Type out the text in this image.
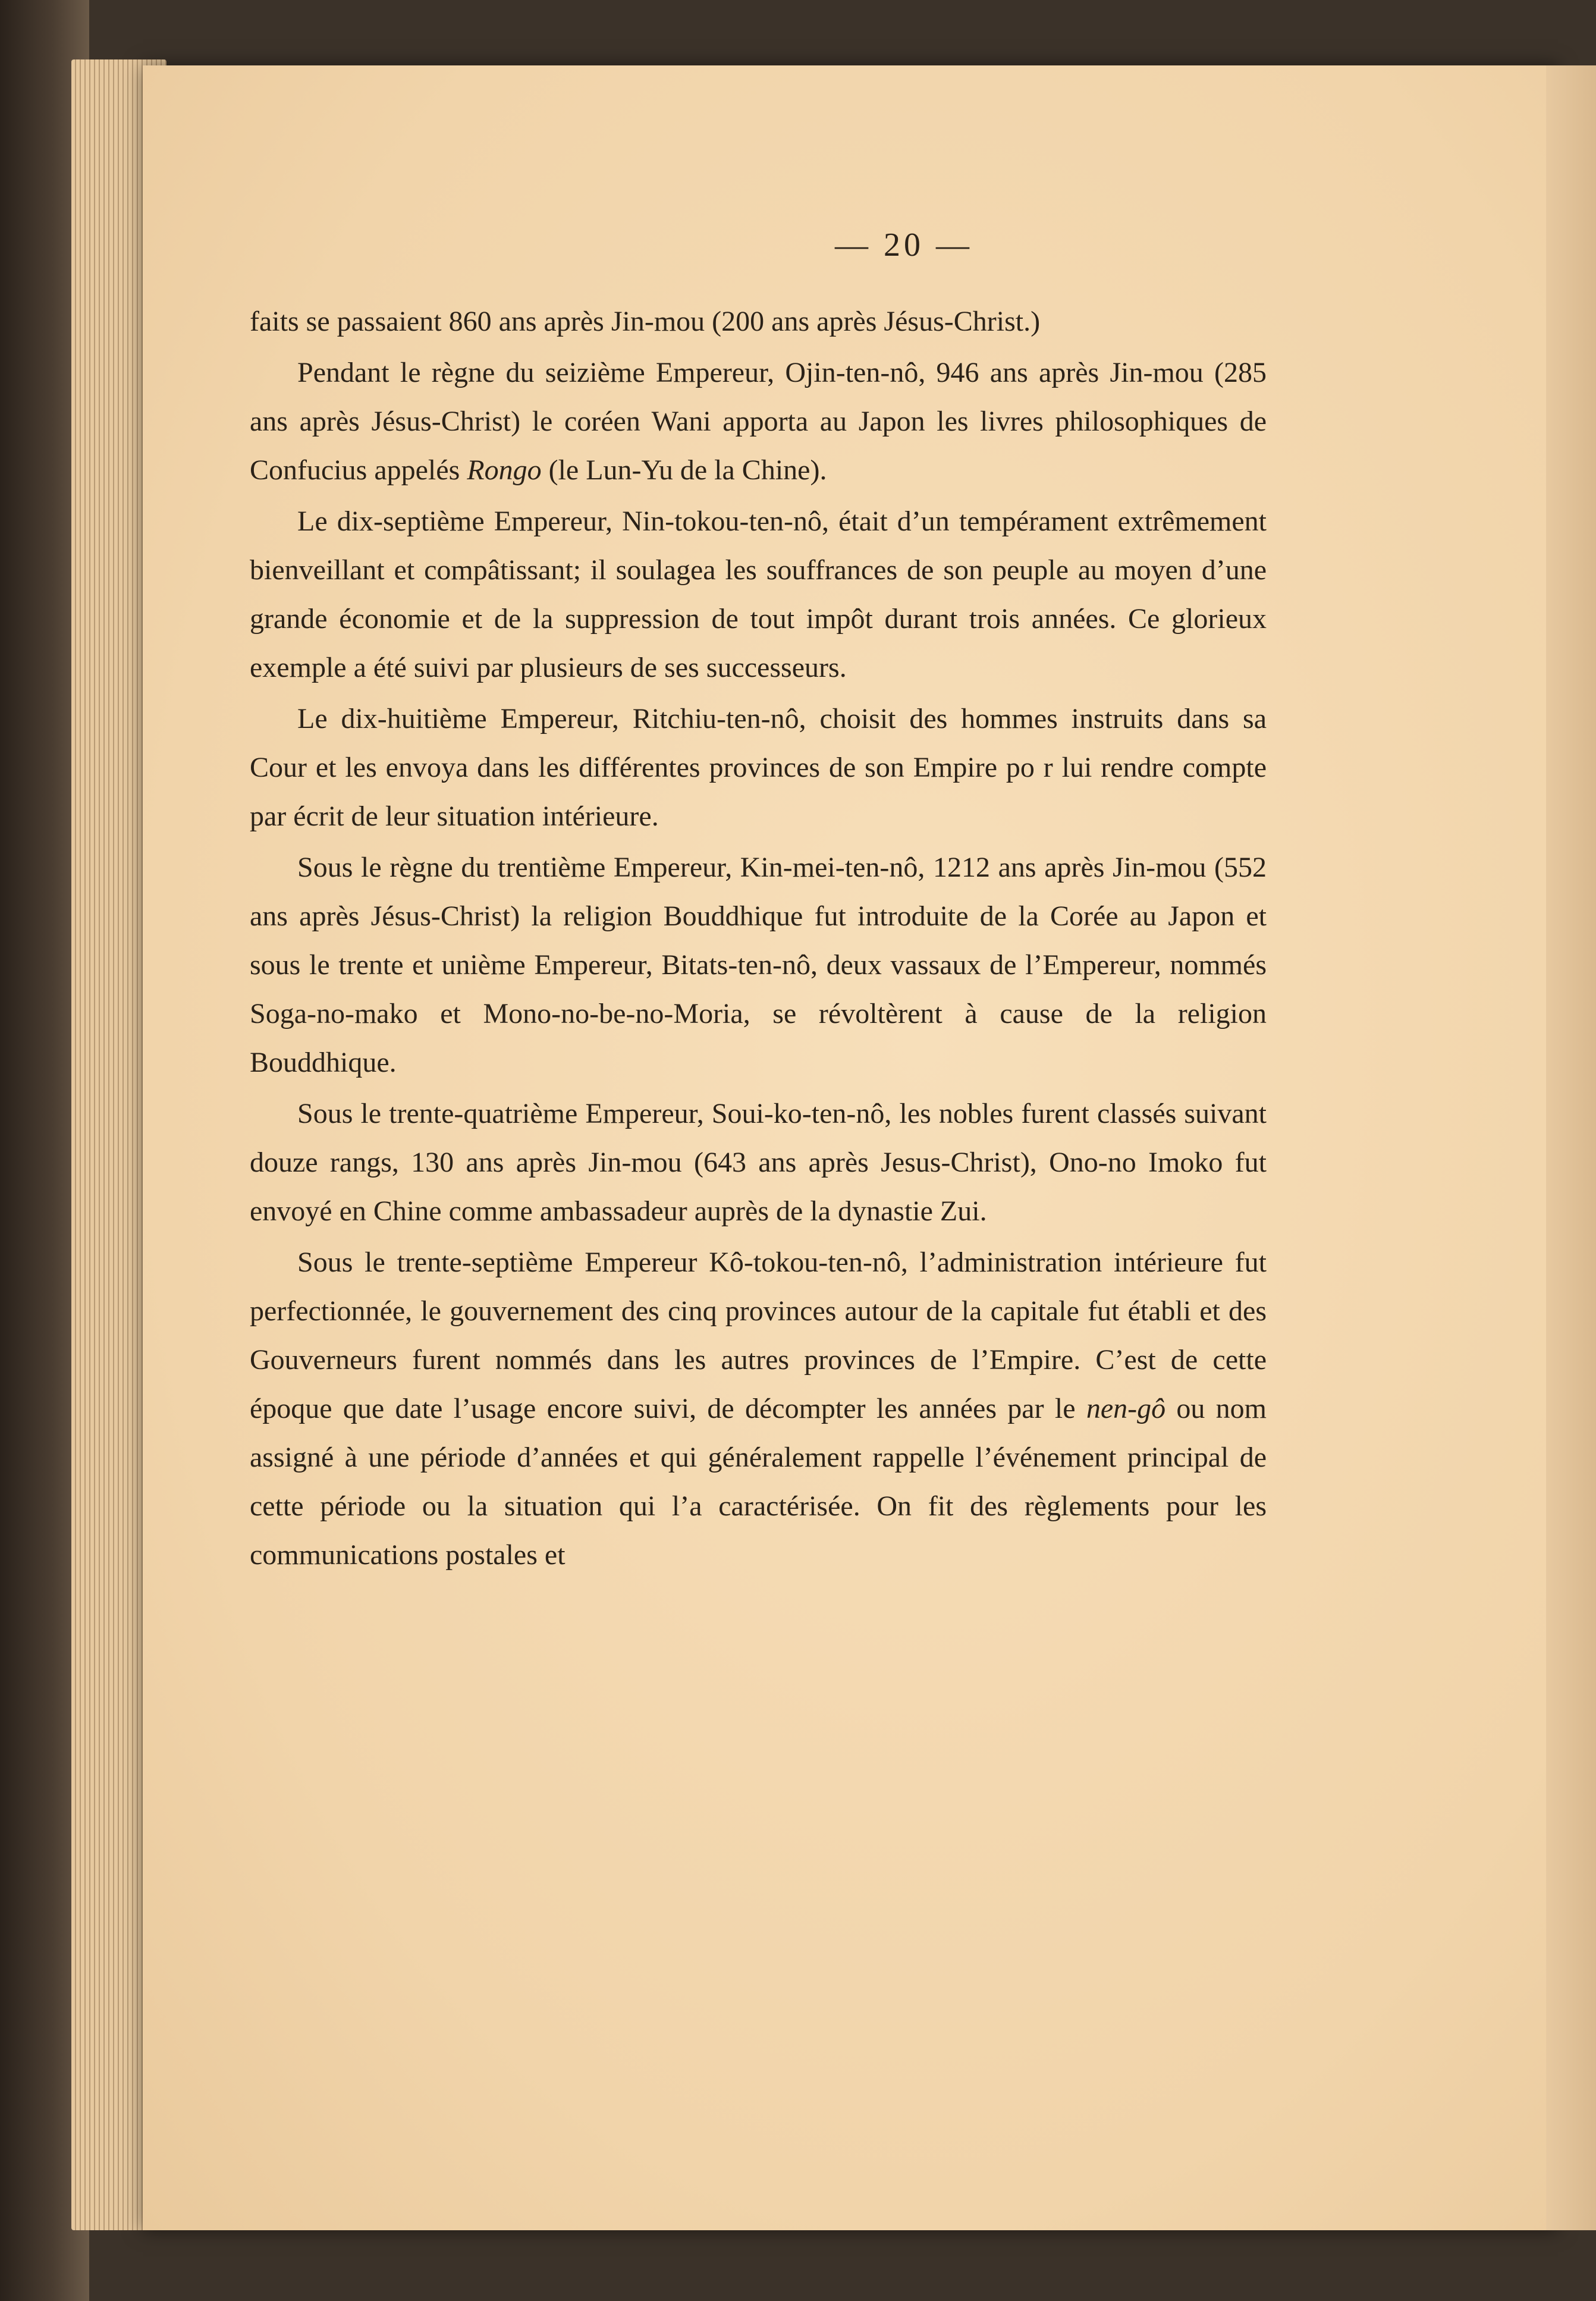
— 20 —

faits se passaient 860 ans après Jin-mou (200 ans après Jésus-Christ.)

Pendant le règne du seizième Empereur, Ojin-ten-nô, 946 ans après Jin-mou (285 ans après Jésus-Christ) le coréen Wani apporta au Japon les livres philosophiques de Confucius appelés Rongo (le Lun-Yu de la Chine).

Le dix-septième Empereur, Nin-tokou-ten-nô, était d’un tempérament extrêmement bienveillant et compâtissant; il soulagea les souffrances de son peuple au moyen d’une grande économie et de la suppression de tout impôt durant trois années. Ce glorieux exemple a été suivi par plusieurs de ses successeurs.

Le dix-huitième Empereur, Ritchiu-ten-nô, choisit des hommes instruits dans sa Cour et les envoya dans les différentes provinces de son Empire po r lui rendre compte par écrit de leur situation intérieure.

Sous le règne du trentième Empereur, Kin-mei-ten-nô, 1212 ans après Jin-mou (552 ans après Jésus-Christ) la religion Bouddhique fut introduite de la Corée au Japon et sous le trente et unième Empereur, Bitats-ten-nô, deux vassaux de l’Empereur, nommés Soga-no-mako et Mono-no-be-no-Moria, se révoltèrent à cause de la religion Bouddhique.

Sous le trente-quatrième Empereur, Soui-ko-ten-nô, les nobles furent classés suivant douze rangs, 130 ans après Jin-mou (643 ans après Jesus-Christ), Ono-no Imoko fut envoyé en Chine comme ambassadeur auprès de la dynastie Zui.

Sous le trente-septième Empereur Kô-tokou-ten-nô, l’administration intérieure fut perfectionnée, le gouvernement des cinq provinces autour de la capitale fut établi et des Gouverneurs furent nommés dans les autres provinces de l’Empire. C’est de cette époque que date l’usage encore suivi, de décompter les années par le nen-gô ou nom assigné à une période d’années et qui généralement rappelle l’événement principal de cette période ou la situation qui l’a caractérisée. On fit des règlements pour les communications postales et
